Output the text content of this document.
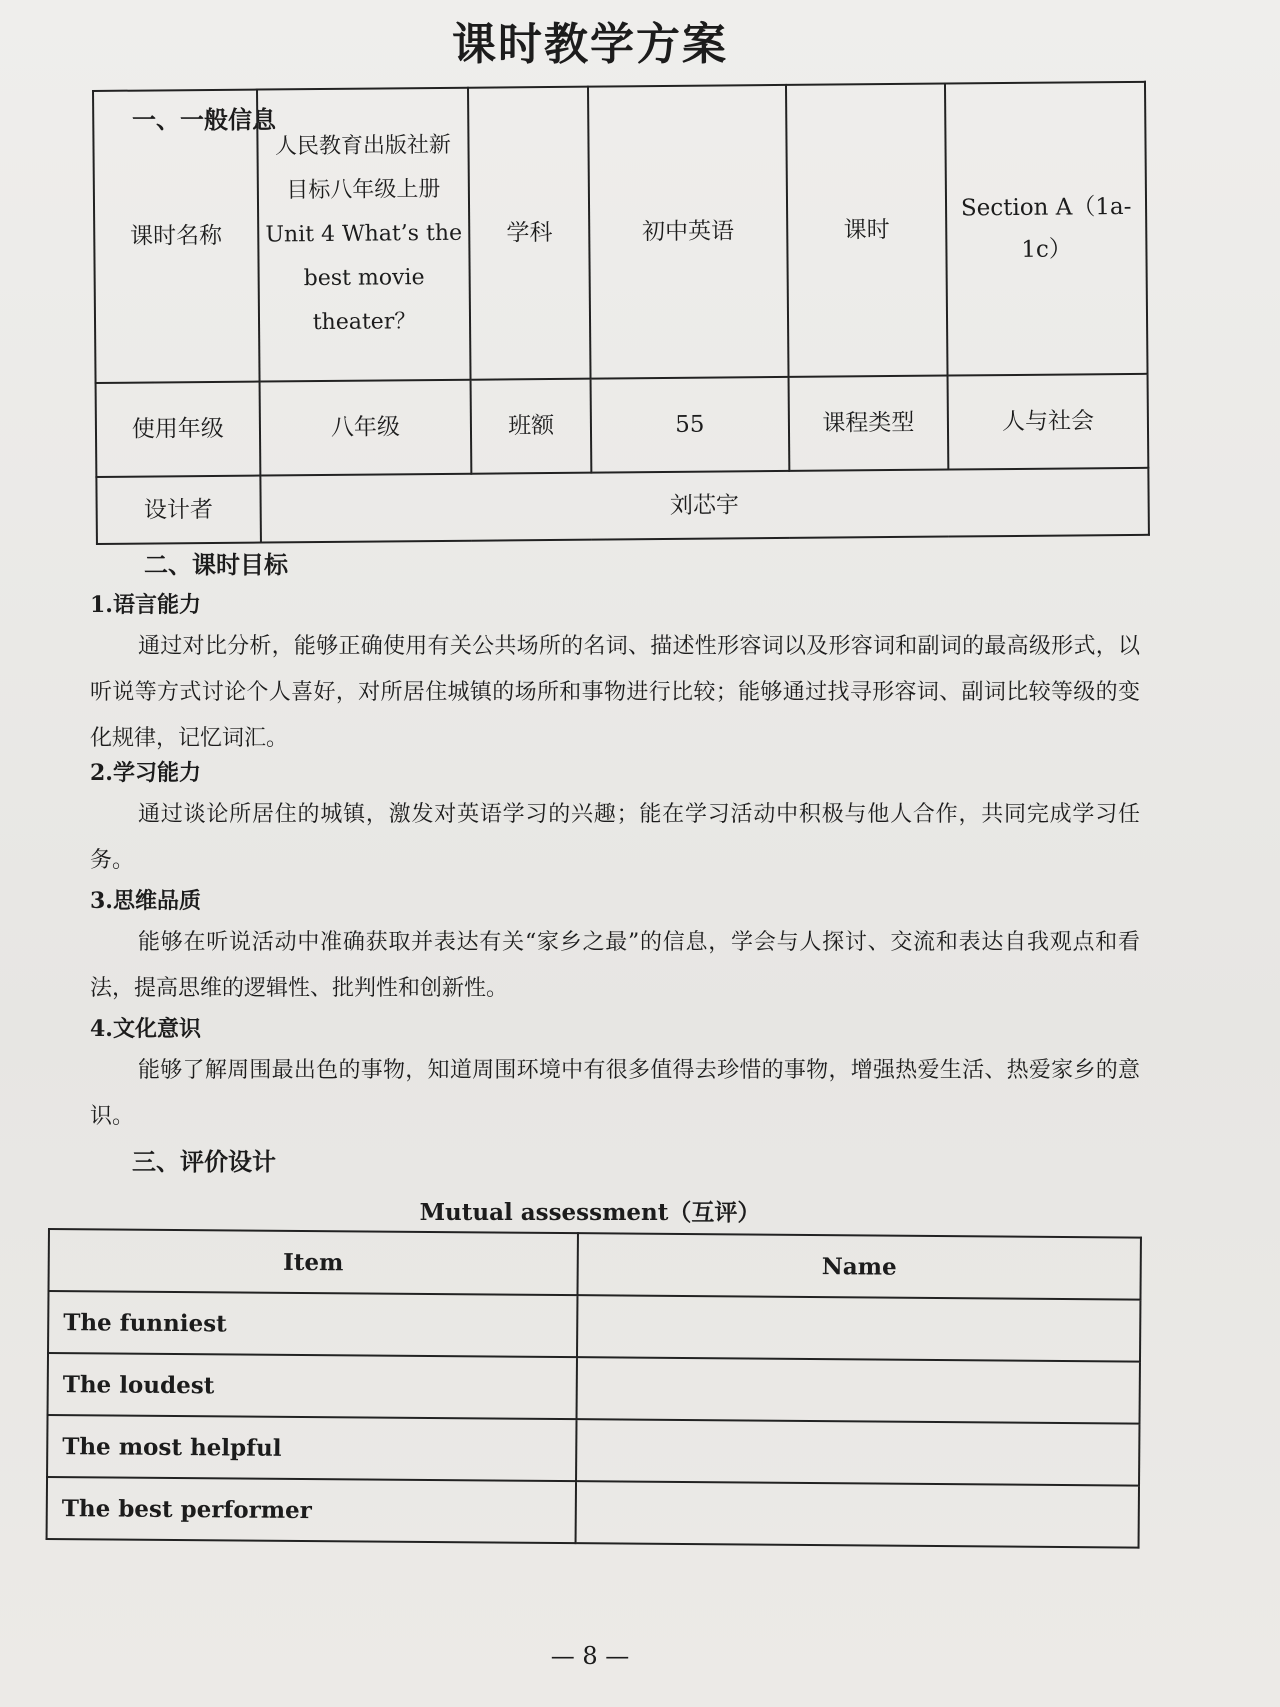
课时教学方案
一、一般信息
课时名称	人民教育出版社新目标八年级上册 Unit 4 What’s the best movie theater？	学科	初中英语	课时	Section A（1a-1c）
使用年级	八年级	班额	55	课程类型	人与社会
设计者	刘芯宇				
二、课时目标
1.语言能力
通过对比分析，能够正确使用有关公共场所的名词、描述性形容词以及形容词和副词的最高级形式，以听说等方式讨论个人喜好，对所居住城镇的场所和事物进行比较；能够通过找寻形容词、副词比较等级的变化规律，记忆词汇。
2.学习能力
通过谈论所居住的城镇，激发对英语学习的兴趣；能在学习活动中积极与他人合作，共同完成学习任务。
3.思维品质
能够在听说活动中准确获取并表达有关“家乡之最”的信息，学会与人探讨、交流和表达自我观点和看法，提高思维的逻辑性、批判性和创新性。
4.文化意识
能够了解周围最出色的事物，知道周围环境中有很多值得去珍惜的事物，增强热爱生活、热爱家乡的意识。
三、评价设计
Mutual assessment（互评）
Item	Name
The funniest	
The loudest	
The most helpful	
The best performer	
— 8 —
